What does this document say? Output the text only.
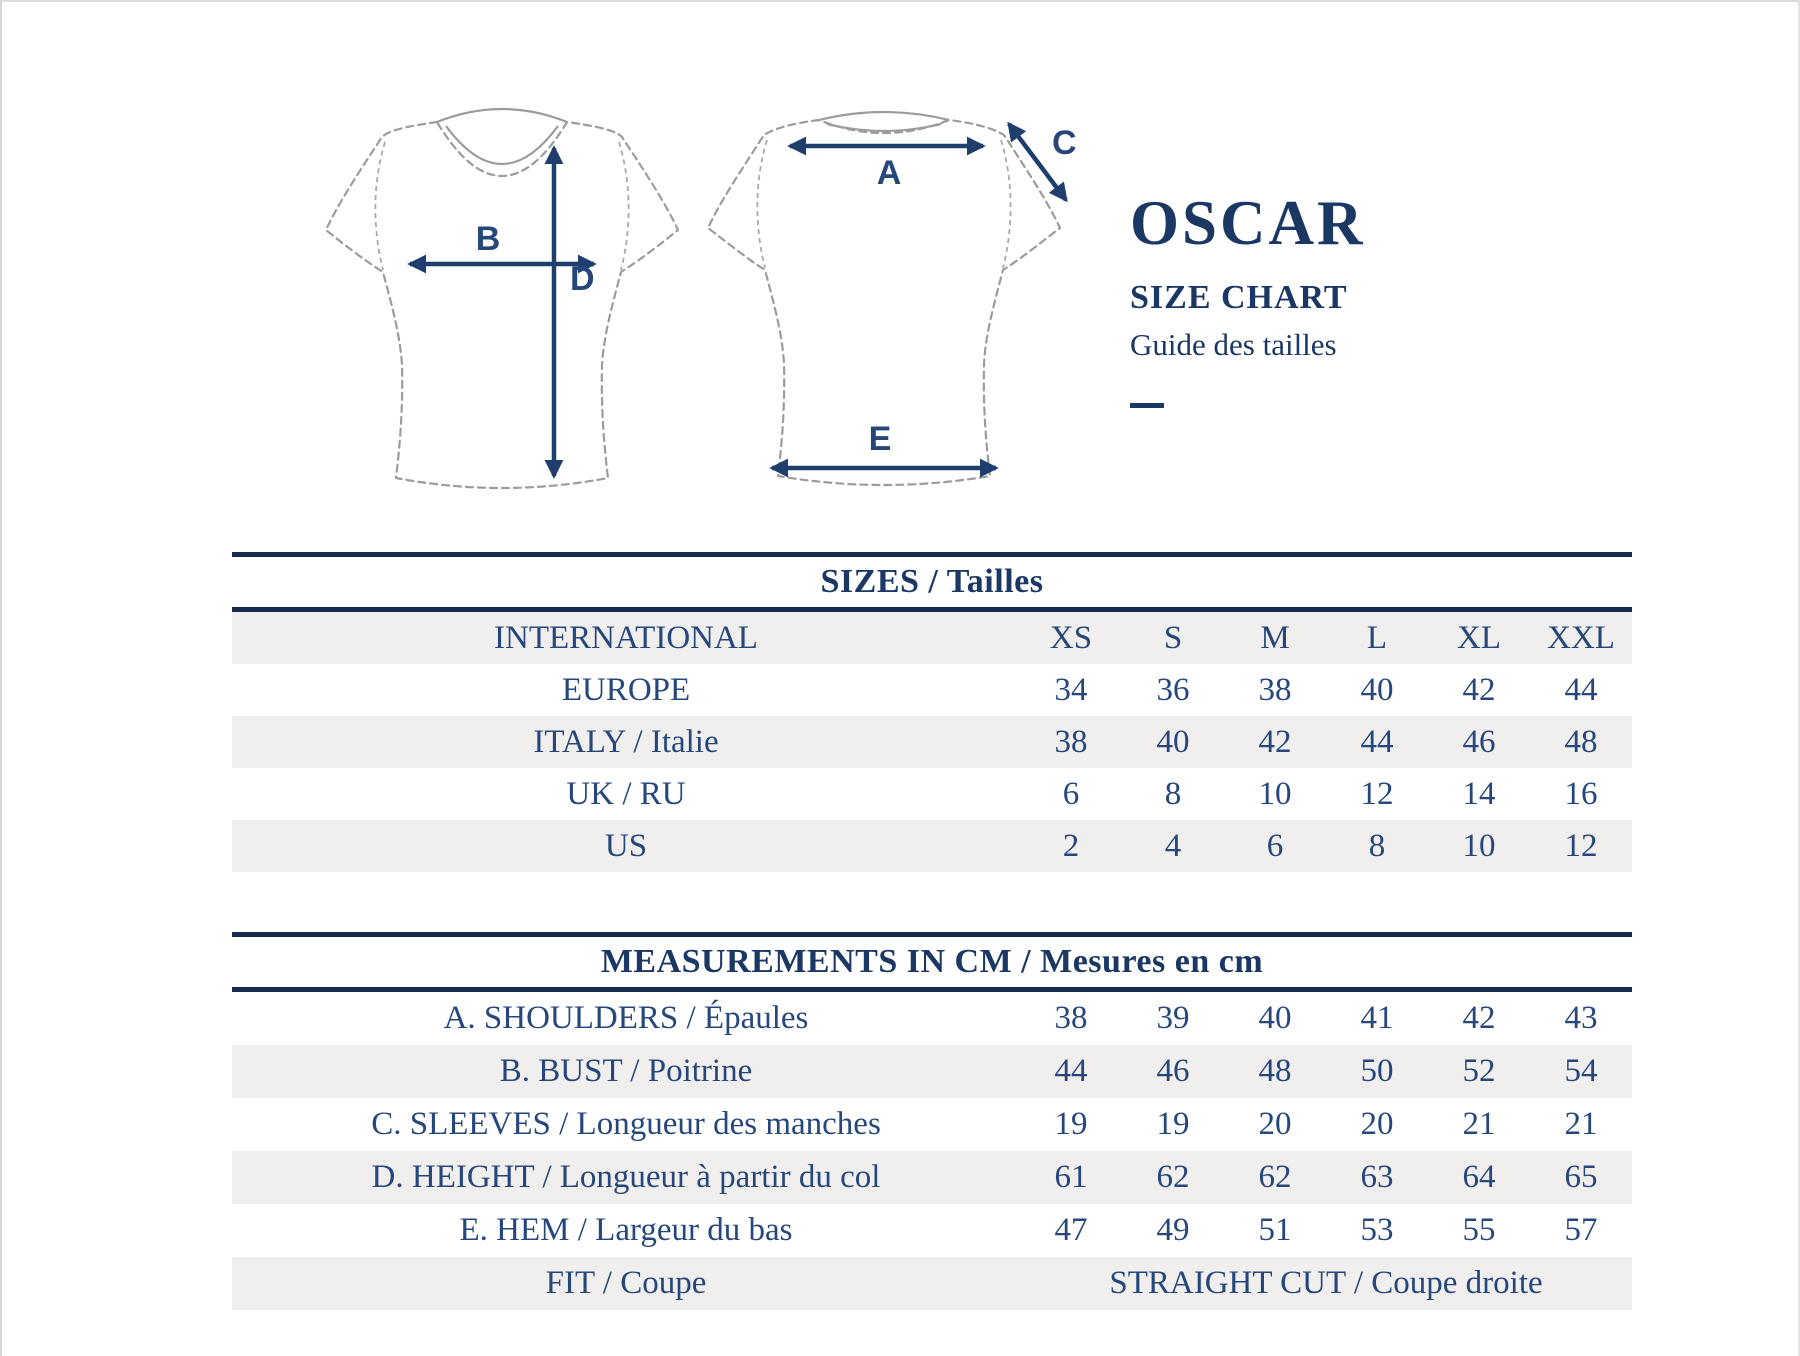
B
D
A
C
E
OSCAR
SIZE CHART
Guide des tailles
SIZES / Tailles
INTERNATIONAL	XS	S	M	L	XL	XXL
EUROPE	34	36	38	40	42	44
ITALY / Italie	38	40	42	44	46	48
UK / RU	6	8	10	12	14	16
US	2	4	6	8	10	12
MEASUREMENTS IN CM / Mesures en cm
A. SHOULDERS / Épaules	38	39	40	41	42	43
B. BUST / Poitrine	44	46	48	50	52	54
C. SLEEVES / Longueur des manches	19	19	20	20	21	21
D. HEIGHT / Longueur à partir du col	61	62	62	63	64	65
E. HEM / Largeur du bas	47	49	51	53	55	57
FIT / Coupe	STRAIGHT CUT / Coupe droite
